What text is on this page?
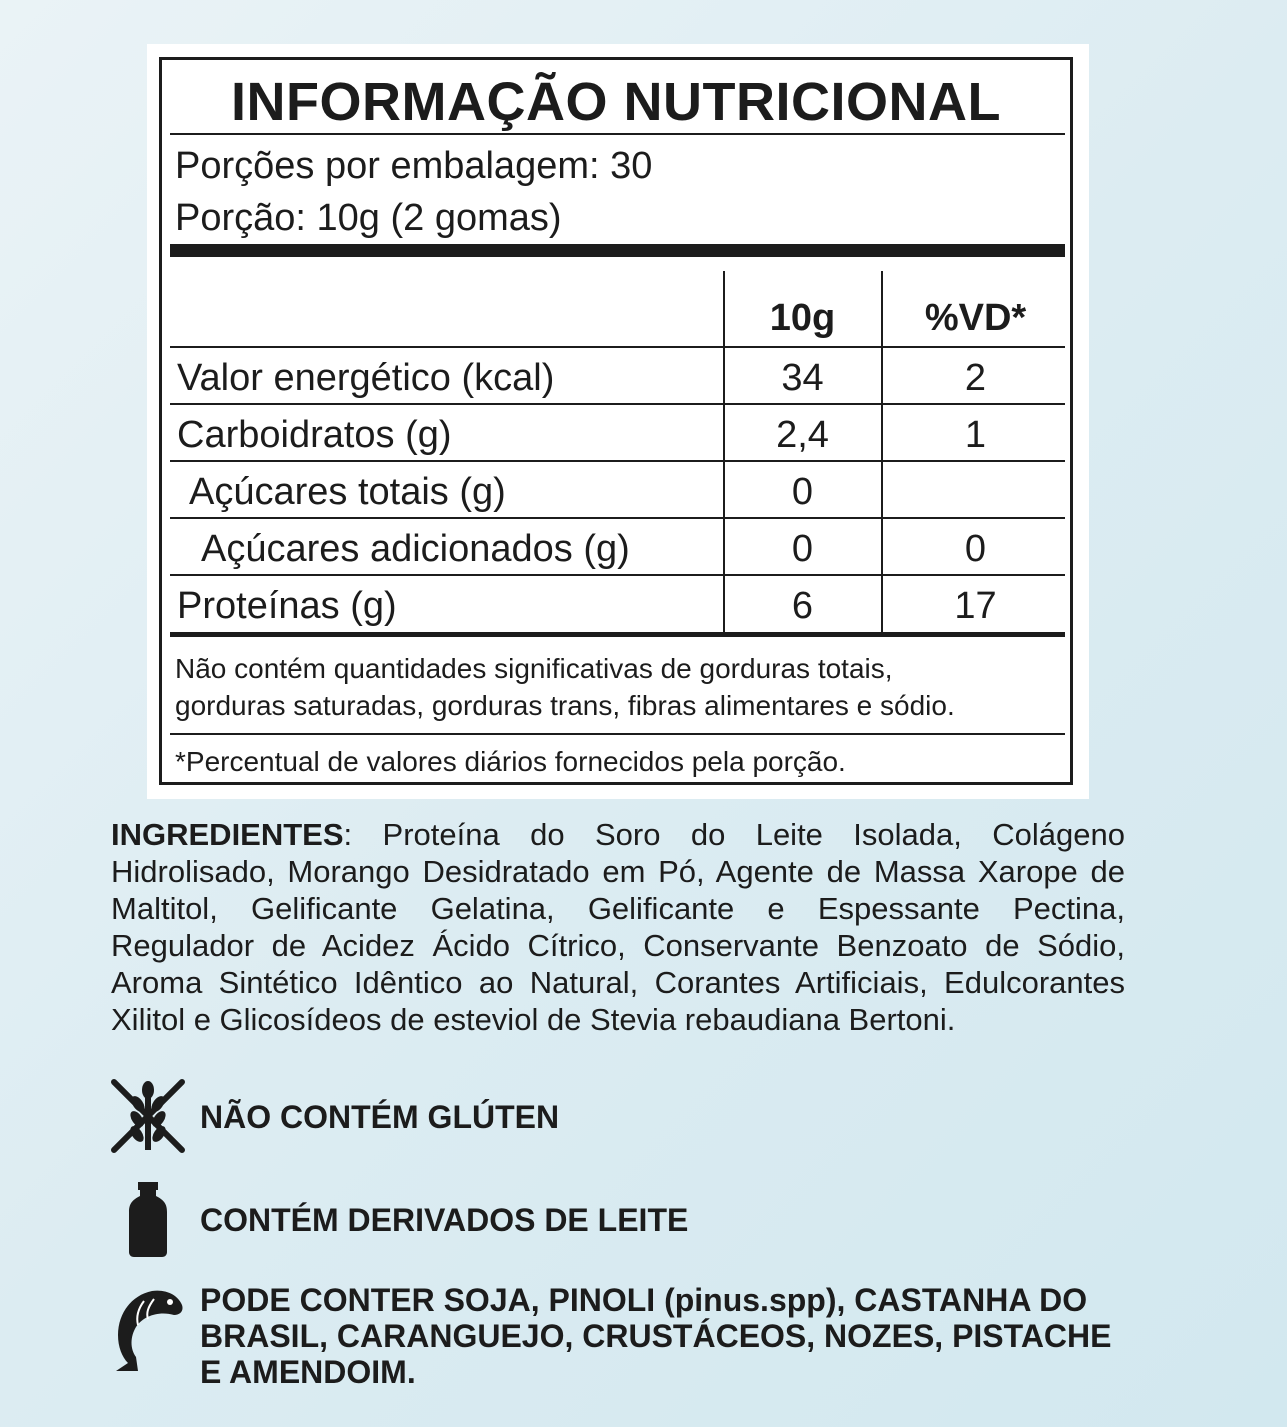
INFORMAÇÃO NUTRICIONAL
Porções por embalagem: 30
Porção: 10g (2 gomas)
10g	%VD*
Valor energético (kcal)	34	2
Carboidratos (g)	2,4	1
Açúcares totais (g)	0
Açúcares adicionados (g)	0	0
Proteínas (g)	6	17
Não contém quantidades significativas de gorduras totais,
gorduras saturadas, gorduras trans, fibras alimentares e sódio.
*Percentual de valores diários fornecidos pela porção.
INGREDIENTES: Proteína do Soro do Leite Isolada, Colágeno Hidrolisado, Morango Desidratado em Pó, Agente de Massa Xarope de Maltitol, Gelificante Gelatina, Gelificante e Espessante Pectina, Regulador de Acidez Ácido Cítrico, Conservante Benzoato de Sódio, Aroma Sintético Idêntico ao Natural, Corantes Artificiais, Edulcorantes Xilitol e Glicosídeos de esteviol de Stevia rebaudiana Bertoni.
NÃO CONTÉM GLÚTEN
CONTÉM DERIVADOS DE LEITE
PODE CONTER SOJA, PINOLI (pinus.spp), CASTANHA DO
BRASIL, CARANGUEJO, CRUSTÁCEOS, NOZES, PISTACHE
E AMENDOIM.
